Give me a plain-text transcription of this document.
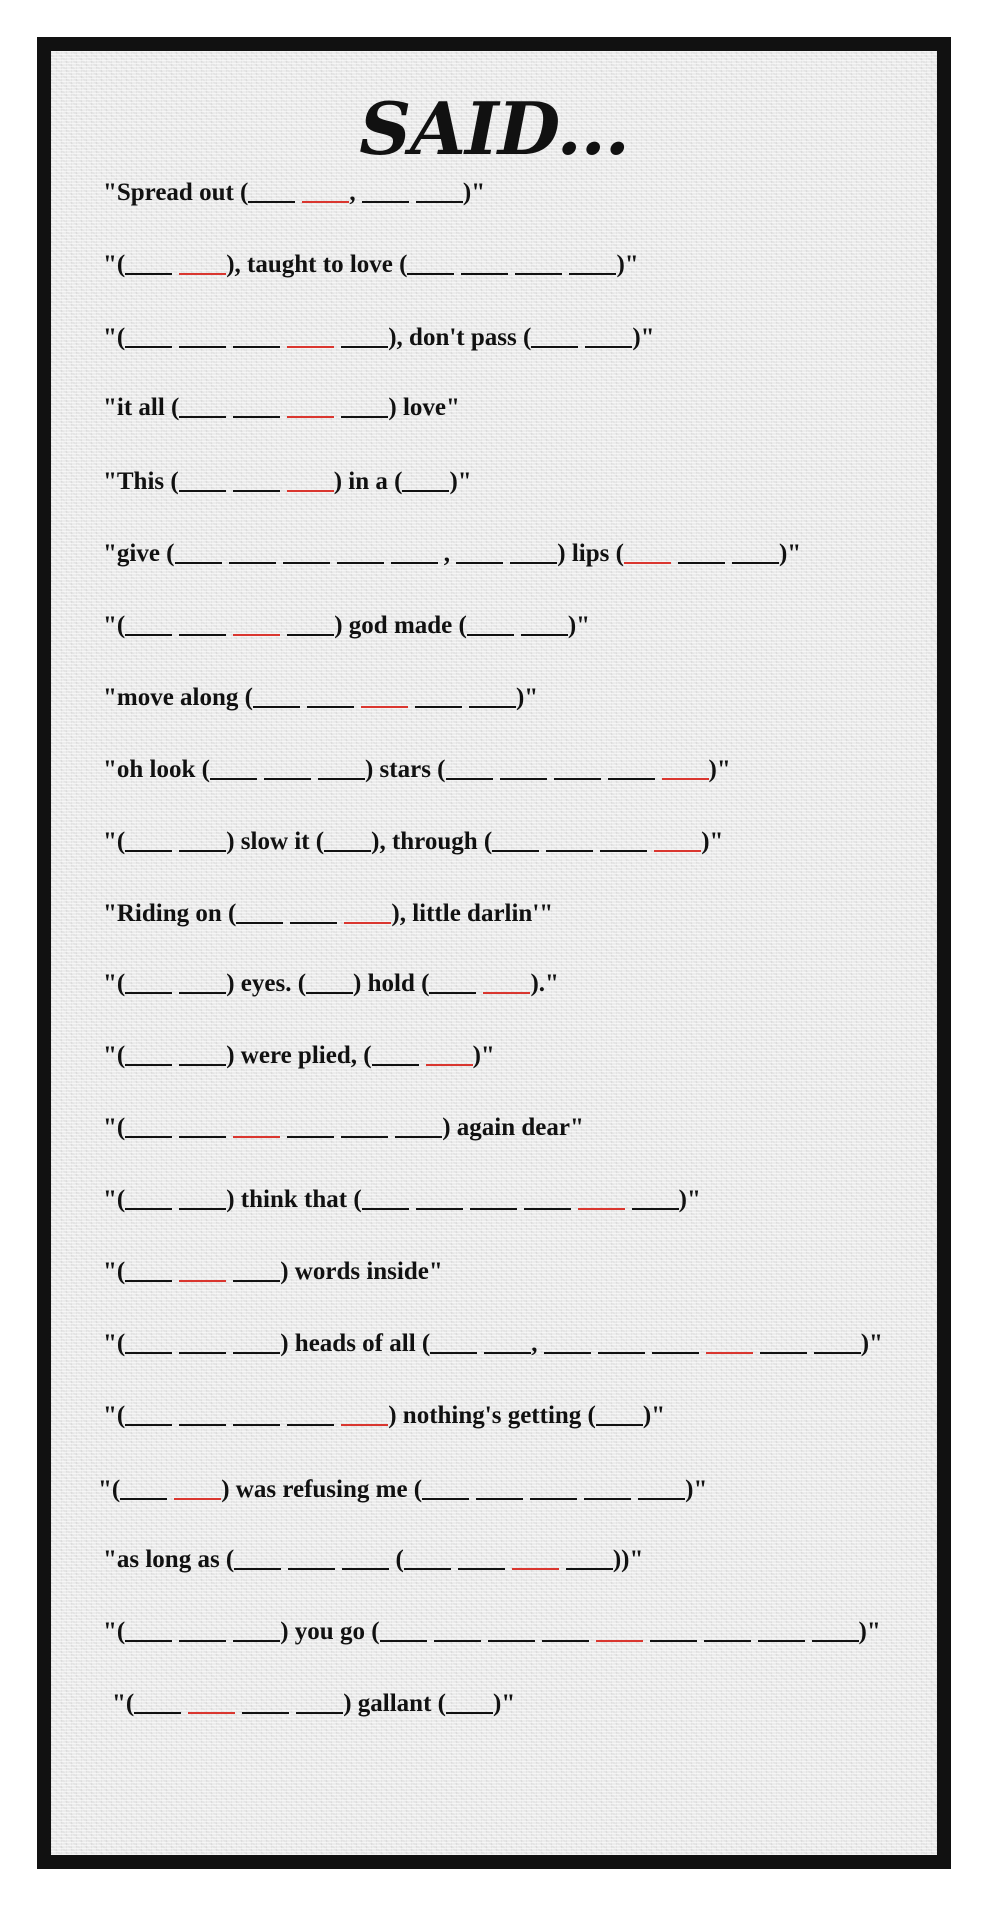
SAID...
"Spread out (	,	)"
"(	), taught to love (	)"
"(	), don't pass (	)"
"it all (	) love"
"This (	) in a ( )"
"give (	,	) lips (	)"
"(	) god made (	)"
"move along (	)"
"oh look (	) stars (	)"
"(	) slow it ( ), through (	)"
"Riding on (	), little darlin'"
"(	) eyes. ( ) hold (	)."
"(	) were plied, (	)"
"(	) again dear"
"(	) think that (	)"
"(	) words inside"
"(	) heads of all (	,	)"
"(	) nothing's getting ( )"
"(	) was refusing me (	)"
"as long as (	(	))"
"(	) you go (	)"
"(	) gallant ( )"
